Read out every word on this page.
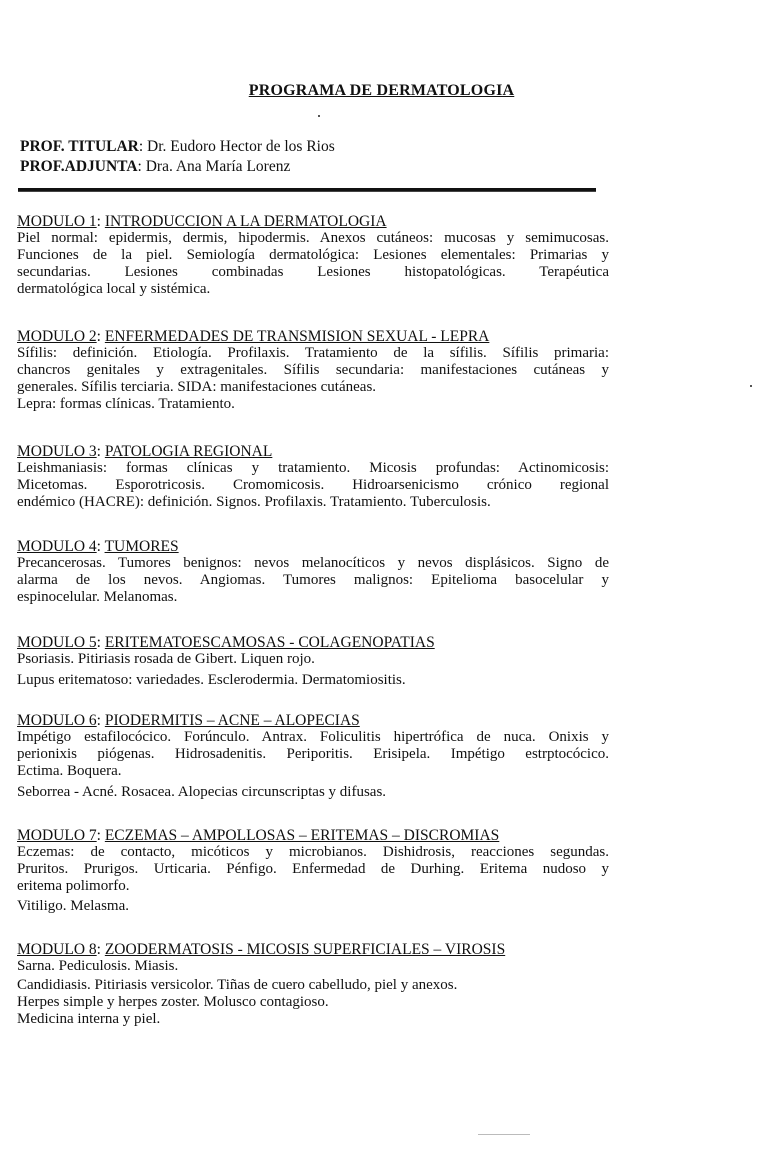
PROGRAMA DE DERMATOLOGIA
PROF. TITULAR: Dr. Eudoro Hector de los Rios
PROF.ADJUNTA: Dra. Ana María Lorenz
MODULO 1: INTRODUCCION A LA DERMATOLOGIA
Piel normal: epidermis, dermis, hipodermis. Anexos cutáneos: mucosas y semimucosas.
Funciones de la piel. Semiología dermatológica: Lesiones elementales: Primarias y
secundarias. Lesiones combinadas Lesiones histopatológicas. Terapéutica
dermatológica local y sistémica.
MODULO 2: ENFERMEDADES DE TRANSMISION SEXUAL - LEPRA
Sífilis: definición. Etiología. Profilaxis. Tratamiento de la sífilis. Sífilis primaria:
chancros genitales y extragenitales. Sífilis secundaria: manifestaciones cutáneas y
generales. Sífilis terciaria. SIDA: manifestaciones cutáneas.
Lepra: formas clínicas. Tratamiento.
MODULO 3: PATOLOGIA REGIONAL
Leishmaniasis: formas clínicas y tratamiento. Micosis profundas: Actinomicosis:
Micetomas. Esporotricosis. Cromomicosis. Hidroarsenicismo crónico regional
endémico (HACRE): definición. Signos. Profilaxis. Tratamiento. Tuberculosis.
MODULO 4: TUMORES
Precancerosas. Tumores benignos: nevos melanocíticos y nevos displásicos. Signo de
alarma de los nevos. Angiomas. Tumores malignos: Epitelioma basocelular y
espinocelular. Melanomas.
MODULO 5: ERITEMATOESCAMOSAS - COLAGENOPATIAS
Psoriasis. Pitiriasis rosada de Gibert. Liquen rojo.
Lupus eritematoso: variedades. Esclerodermia. Dermatomiositis.
MODULO 6: PIODERMITIS – ACNE – ALOPECIAS
Impétigo estafilocócico. Forúnculo. Antrax. Foliculitis hipertrófica de nuca. Onixis y
perionixis piógenas. Hidrosadenitis. Periporitis. Erisipela. Impétigo estrptocócico.
Ectima. Boquera.
Seborrea - Acné. Rosacea. Alopecias circunscriptas y difusas.
MODULO 7: ECZEMAS – AMPOLLOSAS – ERITEMAS – DISCROMIAS
Eczemas: de contacto, micóticos y microbianos. Dishidrosis, reacciones segundas.
Pruritos. Prurigos. Urticaria. Pénfigo. Enfermedad de Durhing. Eritema nudoso y
eritema polimorfo.
Vitiligo. Melasma.
MODULO 8: ZOODERMATOSIS - MICOSIS SUPERFICIALES – VIROSIS
Sarna. Pediculosis. Miasis.
Candidiasis. Pitiriasis versicolor. Tiñas de cuero cabelludo, piel y anexos.
Herpes simple y herpes zoster. Molusco contagioso.
Medicina interna y piel.
